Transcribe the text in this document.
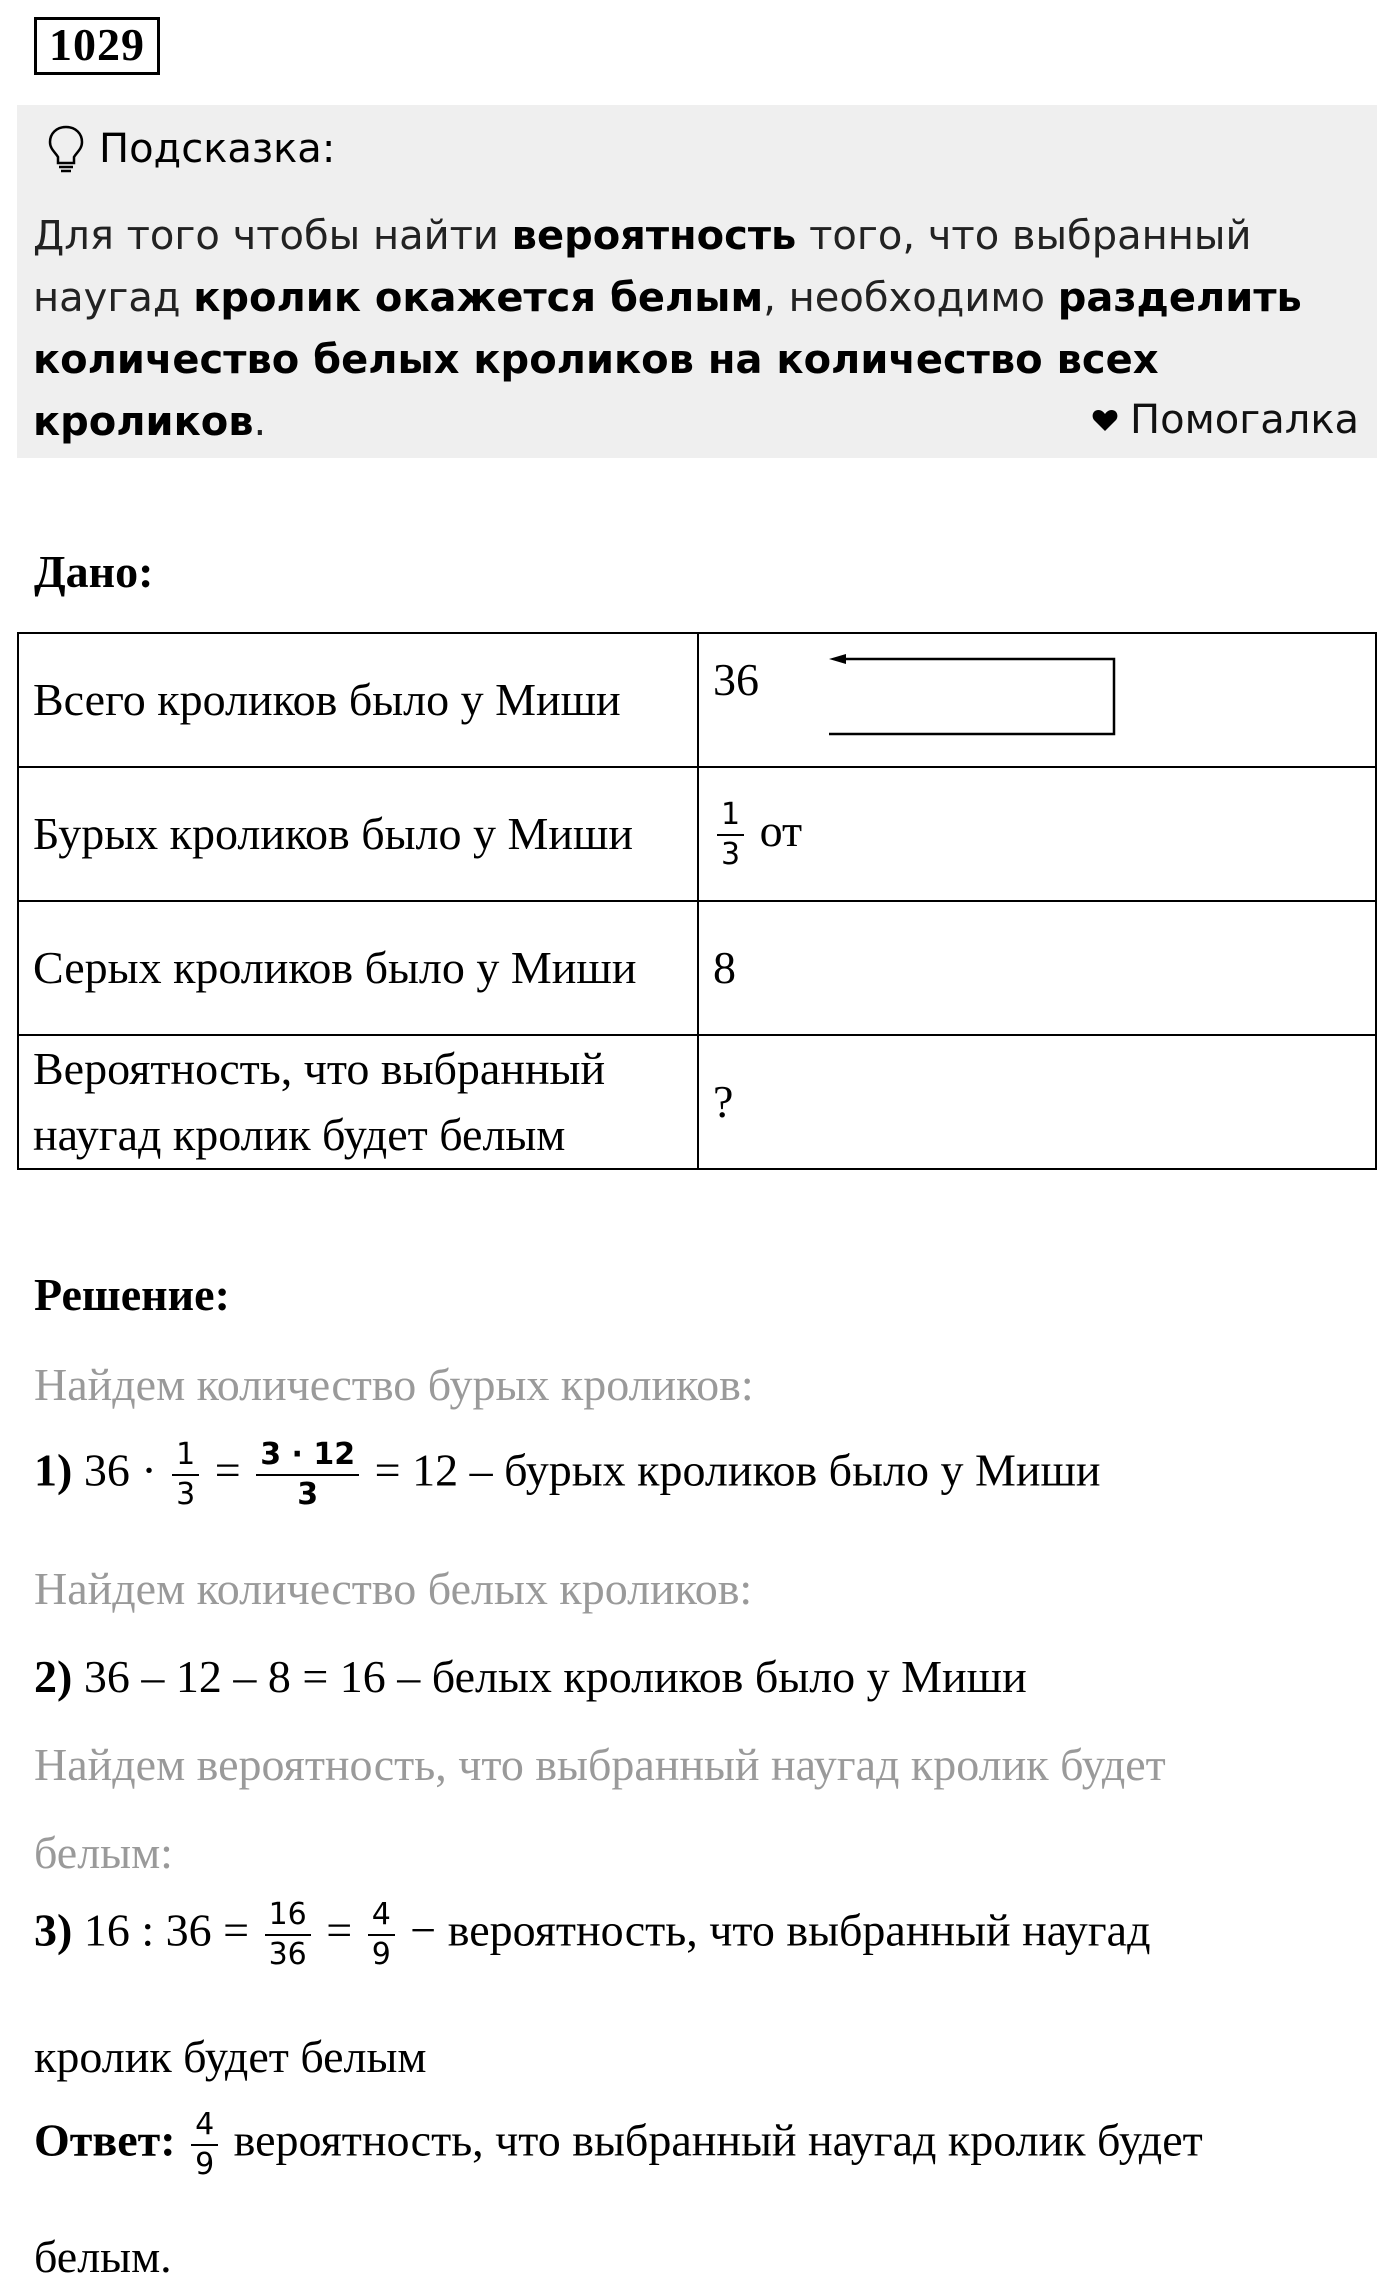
1029
Подсказка:
Для того чтобы найти вероятность того, что выбранный наугад кролик окажется белым, необходимо разделить количество белых кроликов на количество всех кроликов.	Помогалка
Дано:
Всего кроликов было у Миши	36

Бурых кроликов было у Миши	$\frac{1}{3}$ от
Серых кроликов было у Миши	8
Вероятность, что выбранный наугад кролик будет белым	?
Решение:
Найдем количество бурых кроликов:
1) $36 \cdot \frac{1}{3} = \frac{3 \cdot 12}{3} = 12$ – бурых кроликов было у Миши
Найдем количество белых кроликов:
2) 36 – 12 – 8 = 16 – белых кроликов было у Миши
Найдем вероятность, что выбранный наугад кролик будет
белым:
3) 16 : $36 = \frac{16}{36} = \frac{4}{9}$ − вероятность, что выбранный наугад
кролик будет белым
Ответ: $\frac{4}{9}$ вероятность, что выбранный наугад кролик будет
белым.
